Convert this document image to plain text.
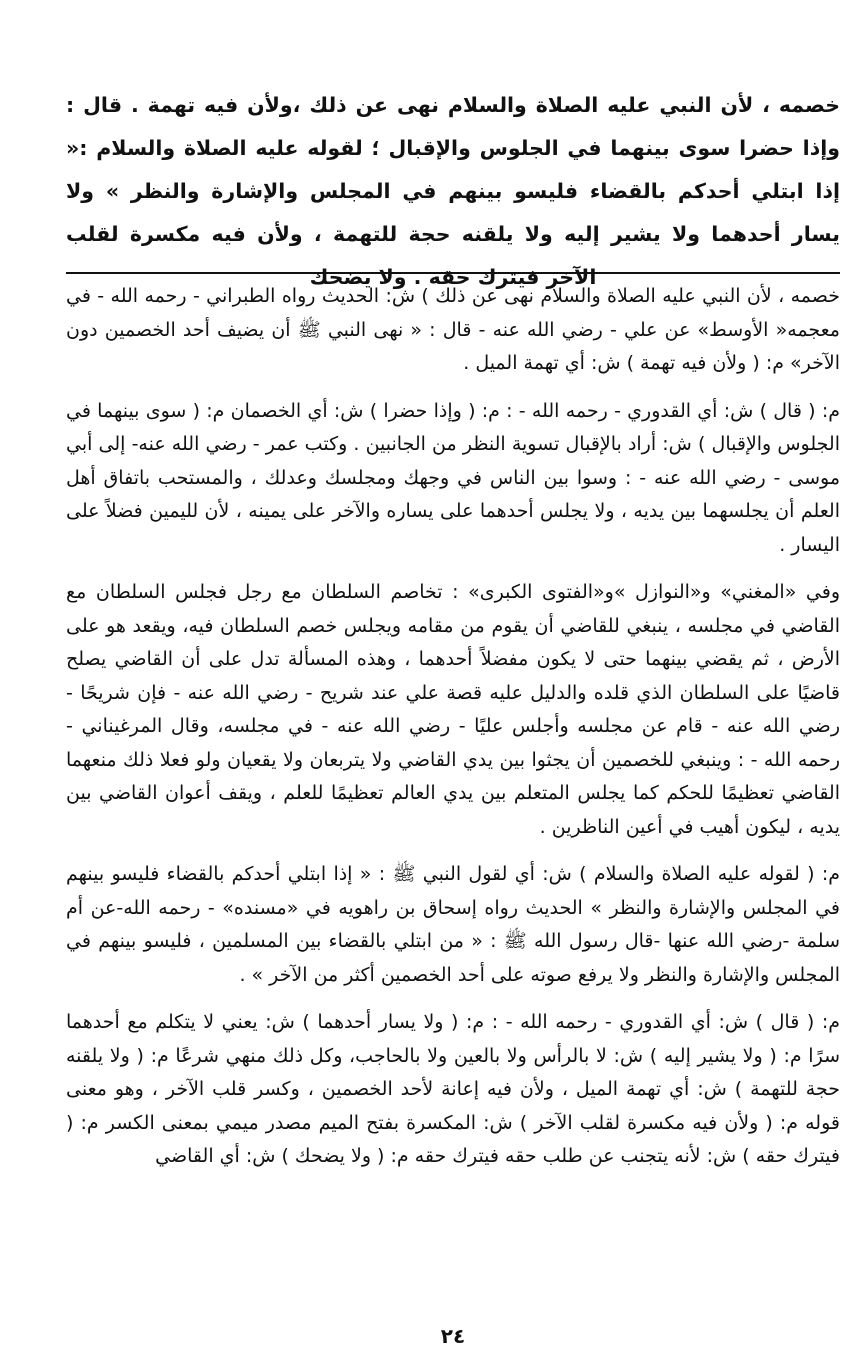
خصمه ، لأن النبي عليه الصلاة والسلام نهى عن ذلك ،ولأن فيه تهمة . قال : وإذا حضرا سوى بينهما في الجلوس والإقبال ؛ لقوله عليه الصلاة والسلام :« إذا ابتلي أحدكم بالقضاء فليسو بينهم في المجلس والإشارة والنظر » ولا يسار أحدهما ولا يشير إليه ولا يلقنه حجة للتهمة ، ولأن فيه مكسرة لقلب الآخر فيترك حقه . ولا يضحك

خصمه ، لأن النبي عليه الصلاة والسلام نهى عن ذلك ) ش: الحديث رواه الطبراني - رحمه الله - في معجمه« الأوسط» عن علي - رضي الله عنه - قال : « نهى النبي ﷺ أن يضيف أحد الخصمين دون الآخر» م: ( ولأن فيه تهمة ) ش: أي تهمة الميل .

م: ( قال ) ش: أي القدوري - رحمه الله - : م: ( وإذا حضرا ) ش: أي الخصمان م: ( سوى بينهما في الجلوس والإقبال ) ش: أراد بالإقبال تسوية النظر من الجانبين . وكتب عمر - رضي الله عنه- إلى أبي موسى - رضي الله عنه - : وسوا بين الناس في وجهك ومجلسك وعدلك ، والمستحب باتفاق أهل العلم أن يجلسهما بين يديه ، ولا يجلس أحدهما على يساره والآخر على يمينه ، لأن لليمين فضلاً على اليسار .

وفي «المغني» و«النوازل »و«الفتوى الكبرى» : تخاصم السلطان مع رجل فجلس السلطان مع القاضي في مجلسه ، ينبغي للقاضي أن يقوم من مقامه ويجلس خصم السلطان فيه، ويقعد هو على الأرض ، ثم يقضي بينهما حتى لا يكون مفضلاً أحدهما ، وهذه المسألة تدل على أن القاضي يصلح قاضيًا على السلطان الذي قلده والدليل عليه قصة علي عند شريح - رضي الله عنه - فإن شريحًا - رضي الله عنه - قام عن مجلسه وأجلس عليًا - رضي الله عنه - في مجلسه، وقال المرغيناني - رحمه الله - : وينبغي للخصمين أن يجثوا بين يدي القاضي ولا يتربعان ولا يقعيان ولو فعلا ذلك منعهما القاضي تعظيمًا للحكم كما يجلس المتعلم بين يدي العالم تعظيمًا للعلم ، ويقف أعوان القاضي بين يديه ، ليكون أهيب في أعين الناظرين .

م: ( لقوله عليه الصلاة والسلام ) ش: أي لقول النبي ﷺ : « إذا ابتلي أحدكم بالقضاء فليسو بينهم في المجلس والإشارة والنظر » الحديث رواه إسحاق بن راهويه في «مسنده» - رحمه الله-عن أم سلمة -رضي الله عنها -قال رسول الله ﷺ : « من ابتلي بالقضاء بين المسلمين ، فليسو بينهم في المجلس والإشارة والنظر ولا يرفع صوته على أحد الخصمين أكثر من الآخر » .

م: ( قال ) ش: أي القدوري - رحمه الله - : م: ( ولا يسار أحدهما ) ش: يعني لا يتكلم مع أحدهما سرًا م: ( ولا يشير إليه ) ش: لا بالرأس ولا بالعين ولا بالحاجب، وكل ذلك منهي شرعًا م: ( ولا يلقنه حجة للتهمة ) ش: أي تهمة الميل ، ولأن فيه إعانة لأحد الخصمين ، وكسر قلب الآخر ، وهو معنى قوله م: ( ولأن فيه مكسرة لقلب الآخر ) ش: المكسرة بفتح الميم مصدر ميمي بمعنى الكسر م: ( فيترك حقه ) ش: لأنه يتجنب عن طلب حقه فيترك حقه م: ( ولا يضحك ) ش: أي القاضي

٢٤
